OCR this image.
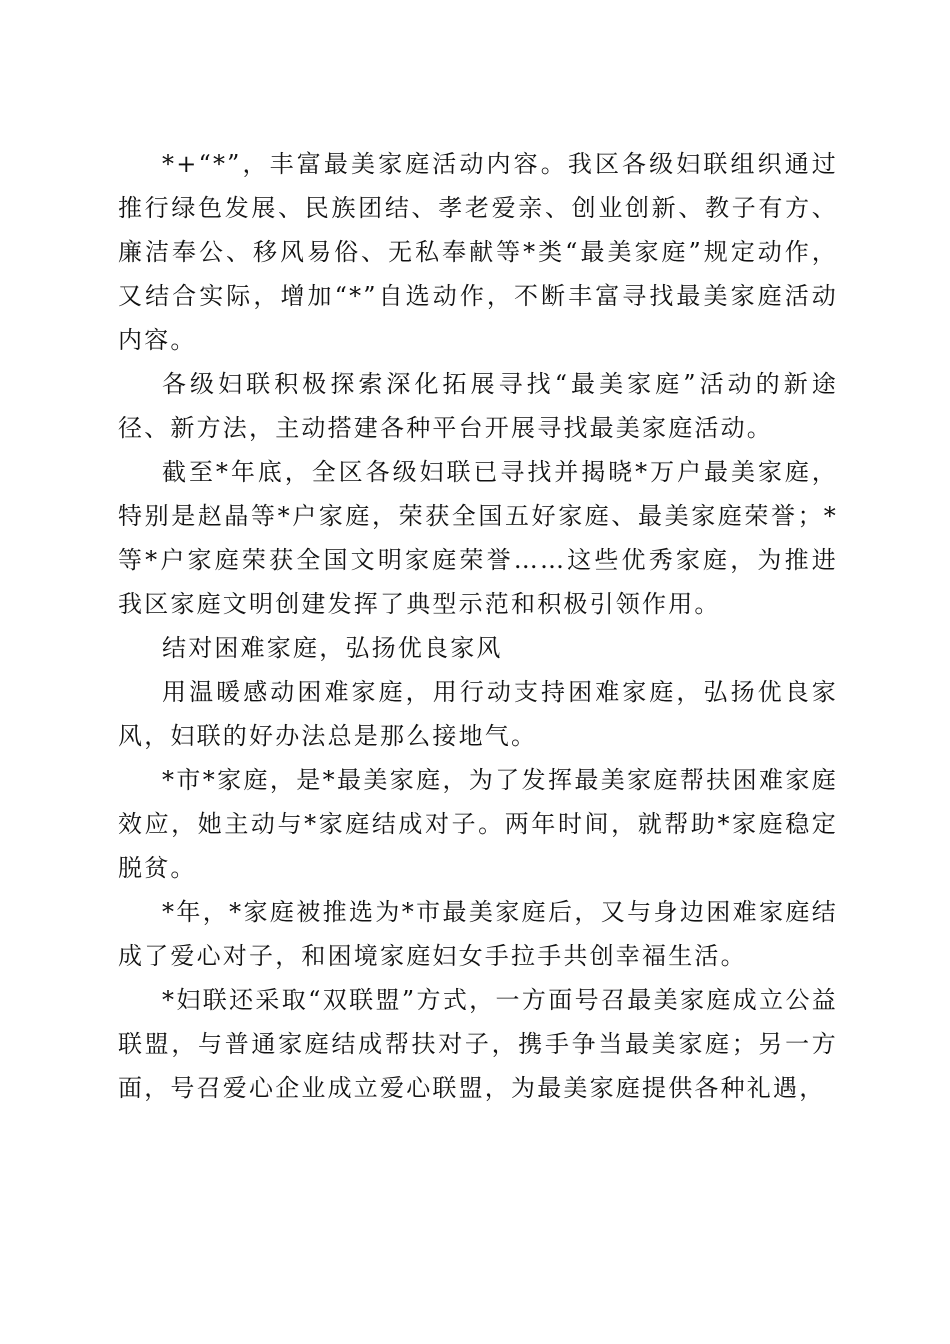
*+“*”，丰富最美家庭活动内容。我区各级妇联组织通过推行绿色发展、民族团结、孝老爱亲、创业创新、教子有方、廉洁奉公、移风易俗、无私奉献等*类“最美家庭”规定动作，又结合实际，增加“*”自选动作，不断丰富寻找最美家庭活动内容。

各级妇联积极探索深化拓展寻找“最美家庭”活动的新途径、新方法，主动搭建各种平台开展寻找最美家庭活动。

截至*年底，全区各级妇联已寻找并揭晓*万户最美家庭，特别是赵晶等*户家庭，荣获全国五好家庭、最美家庭荣誉；*等*户家庭荣获全国文明家庭荣誉……这些优秀家庭，为推进我区家庭文明创建发挥了典型示范和积极引领作用。

结对困难家庭，弘扬优良家风

用温暖感动困难家庭，用行动支持困难家庭，弘扬优良家风，妇联的好办法总是那么接地气。

*市*家庭，是*最美家庭，为了发挥最美家庭帮扶困难家庭效应，她主动与*家庭结成对子。两年时间，就帮助*家庭稳定脱贫。

*年，*家庭被推选为*市最美家庭后，又与身边困难家庭结成了爱心对子，和困境家庭妇女手拉手共创幸福生活。

*妇联还采取“双联盟”方式，一方面号召最美家庭成立公益联盟，与普通家庭结成帮扶对子，携手争当最美家庭；另一方面，号召爱心企业成立爱心联盟，为最美家庭提供各种礼遇，
